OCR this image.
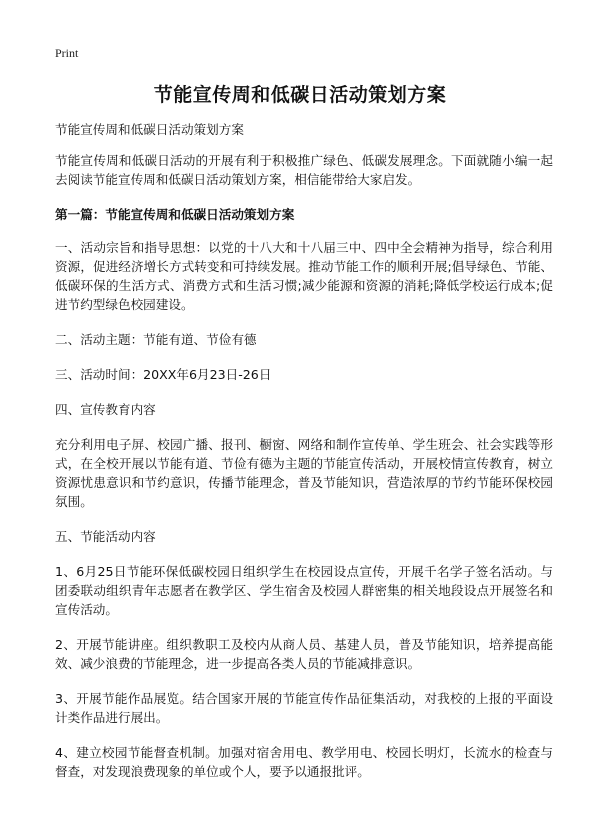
Print
节能宣传周和低碳日活动策划方案

节能宣传周和低碳日活动策划方案

节能宣传周和低碳日活动的开展有利于积极推广绿色、低碳发展理念。下面就随小编一起去阅读节能宣传周和低碳日活动策划方案，相信能带给大家启发。

第一篇：节能宣传周和低碳日活动策划方案

一、活动宗旨和指导思想：以党的十八大和十八届三中、四中全会精神为指导，综合利用资源，促进经济增长方式转变和可持续发展。推动节能工作的顺利开展;倡导绿色、节能、低碳环保的生活方式、消费方式和生活习惯;减少能源和资源的消耗;降低学校运行成本;促进节约型绿色校园建设。

二、活动主题：节能有道、节俭有德

三、活动时间：20XX年6月23日-26日

四、宣传教育内容

充分利用电子屏、校园广播、报刊、橱窗、网络和制作宣传单、学生班会、社会实践等形式，在全校开展以节能有道、节俭有德为主题的节能宣传活动，开展校情宣传教育，树立资源忧患意识和节约意识，传播节能理念，普及节能知识，营造浓厚的节约节能环保校园氛围。

五、节能活动内容

1、6月25日节能环保低碳校园日组织学生在校园设点宣传，开展千名学子签名活动。与团委联动组织青年志愿者在教学区、学生宿舍及校园人群密集的相关地段设点开展签名和宣传活动。

2、开展节能讲座。组织教职工及校内从商人员、基建人员，普及节能知识，培养提高能效、减少浪费的节能理念，进一步提高各类人员的节能减排意识。

3、开展节能作品展览。结合国家开展的节能宣传作品征集活动，对我校的上报的平面设计类作品进行展出。

4、建立校园节能督查机制。加强对宿舍用电、教学用电、校园长明灯，长流水的检查与督查，对发现浪费现象的单位或个人，要予以通报批评。
